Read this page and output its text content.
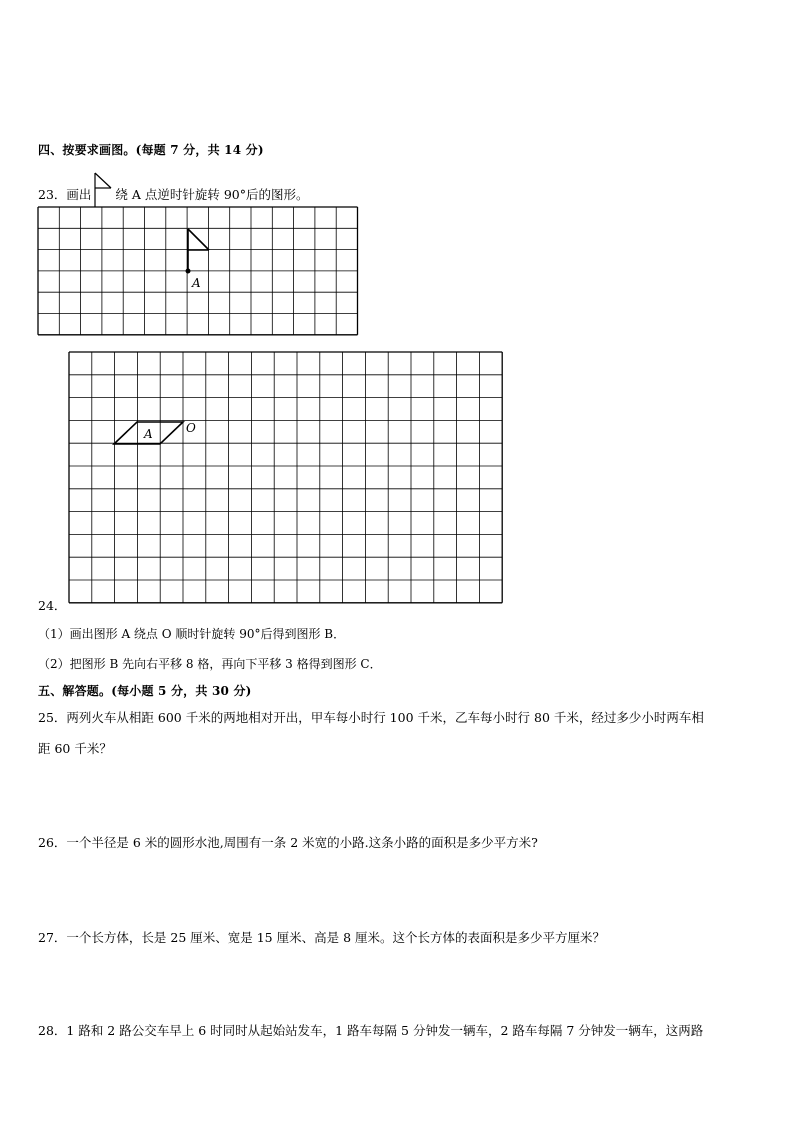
四、按要求画图。(每题 7 分，共 14 分)
23．画出 绕 A 点逆时针旋转 90°后的图形。
A
A	O
24．
（1）画出图形 A 绕点 O 顺时针旋转 90°后得到图形 B．
（2）把图形 B 先向右平移 8 格，再向下平移 3 格得到图形 C．
五、解答题。(每小题 5 分，共 30 分)
25．两列火车从相距 600 千米的两地相对开出，甲车每小时行 100 千米，乙车每小时行 80 千米，经过多少小时两车相
距 60 千米？
26．一个半径是 6 米的圆形水池,周围有一条 2 米宽的小路.这条小路的面积是多少平方米?
27．一个长方体，长是 25 厘米、宽是 15 厘米、高是 8 厘米。这个长方体的表面积是多少平方厘米？
28．1 路和 2 路公交车早上 6 时同时从起始站发车，1 路车每隔 5 分钟发一辆车，2 路车每隔 7 分钟发一辆车，这两路
